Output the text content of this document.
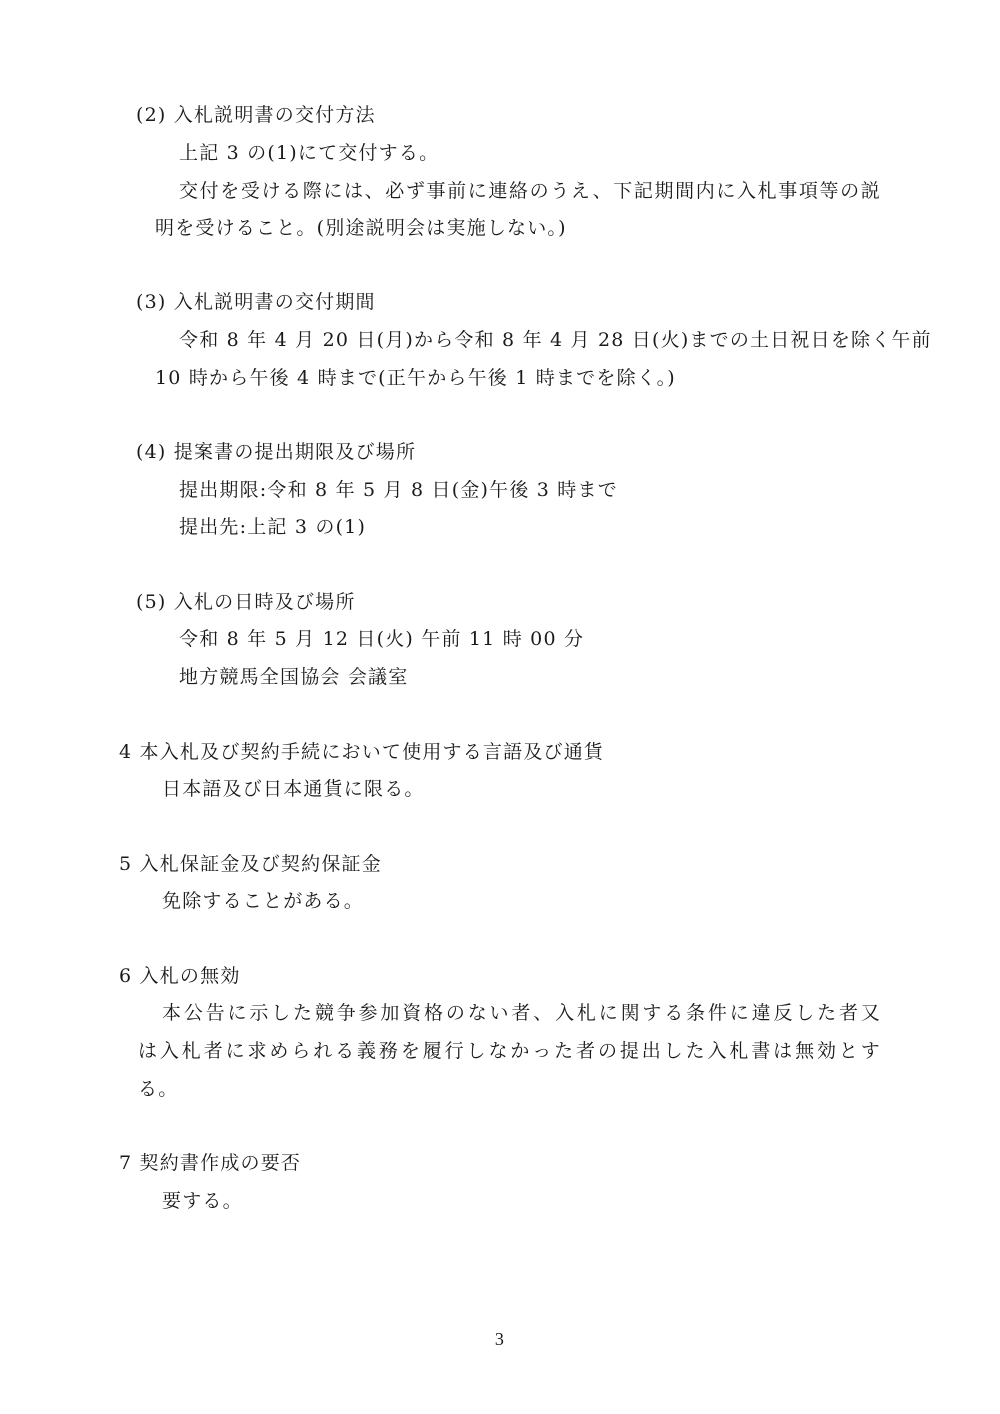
(2) 入札説明書の交付方法
上記 3 の(1)にて交付する。
交付を受ける際には、必ず事前に連絡のうえ、下記期間内に入札事項等の説
明を受けること。(別途説明会は実施しない。)
(3) 入札説明書の交付期間
令和 8 年 4 月 20 日(月)から令和 8 年 4 月 28 日(火)までの土日祝日を除く午前
10 時から午後 4 時まで(正午から午後 1 時までを除く。)
(4) 提案書の提出期限及び場所
提出期限:令和 8 年 5 月 8 日(金)午後 3 時まで
提出先:上記 3 の(1)
(5) 入札の日時及び場所
令和 8 年 5 月 12 日(火) 午前 11 時 00 分
地方競馬全国協会 会議室
4 本入札及び契約手続において使用する言語及び通貨
日本語及び日本通貨に限る。
5 入札保証金及び契約保証金
免除することがある。
6 入札の無効
本公告に示した競争参加資格のない者、入札に関する条件に違反した者又
は入札者に求められる義務を履行しなかった者の提出した入札書は無効とす
る。
7 契約書作成の要否
要する。
3
